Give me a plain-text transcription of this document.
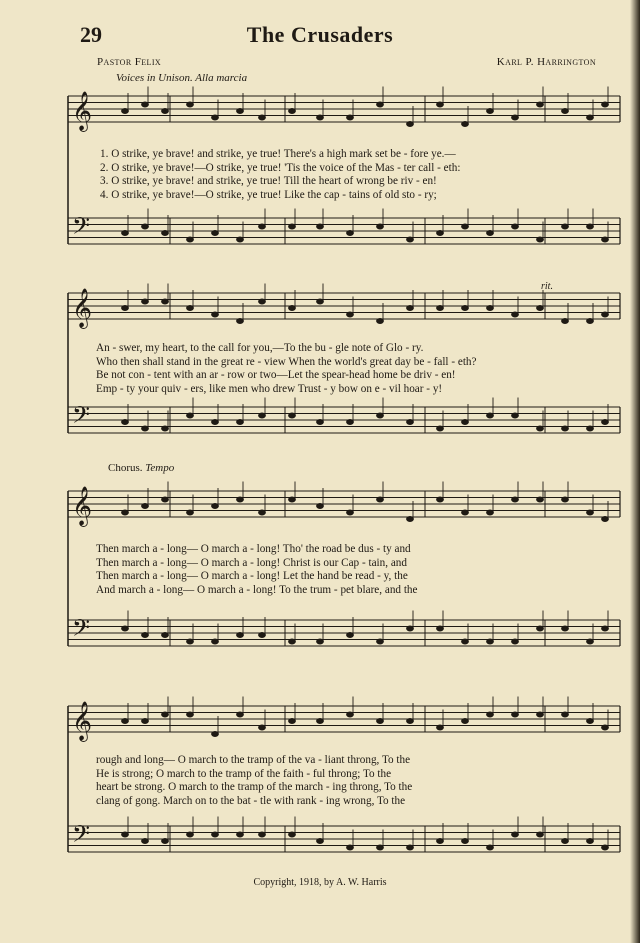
29	The Crusaders
Pastor Felix	Karl P. Harrington
Voices in Unison. Alla marcia
𝄞
𝄢
𝄞
𝄢
𝄞
𝄢
𝄞
𝄢
1. O strike, ye brave! and strike, ye true! There's a high mark set be - fore ye.—
2. O strike, ye brave!—O strike, ye true! 'Tis the voice of the Mas - ter call - eth:
3. O strike, ye brave! and strike, ye true! Till the heart of wrong be riv - en!
4. O strike, ye brave!—O strike, ye true! Like the cap - tains of old sto - ry;
rit.
An - swer, my heart, to the call for you,—To the bu - gle note of Glo - ry.
Who then shall stand in the great re - view When the world's great day be - fall - eth?
Be not con - tent with an ar - row or two—Let the spear-head home be driv - en!
Emp - ty your quiv - ers, like men who drew Trust - y bow on e - vil hoar - y!
Chorus. Tempo
Then march a - long— O march a - long! Tho' the road be dus - ty and
Then march a - long— O march a - long! Christ is our Cap - tain, and
Then march a - long— O march a - long! Let the hand be read - y, the
And march a - long— O march a - long! To the trum - pet blare, and the
rough and long— O march to the tramp of the va - liant throng, To the
He is strong; O march to the tramp of the faith - ful throng; To the
heart be strong. O march to the tramp of the march - ing throng, To the
clang of gong. March on to the bat - tle with rank - ing wrong, To the
Copyright, 1918, by A. W. Harris
